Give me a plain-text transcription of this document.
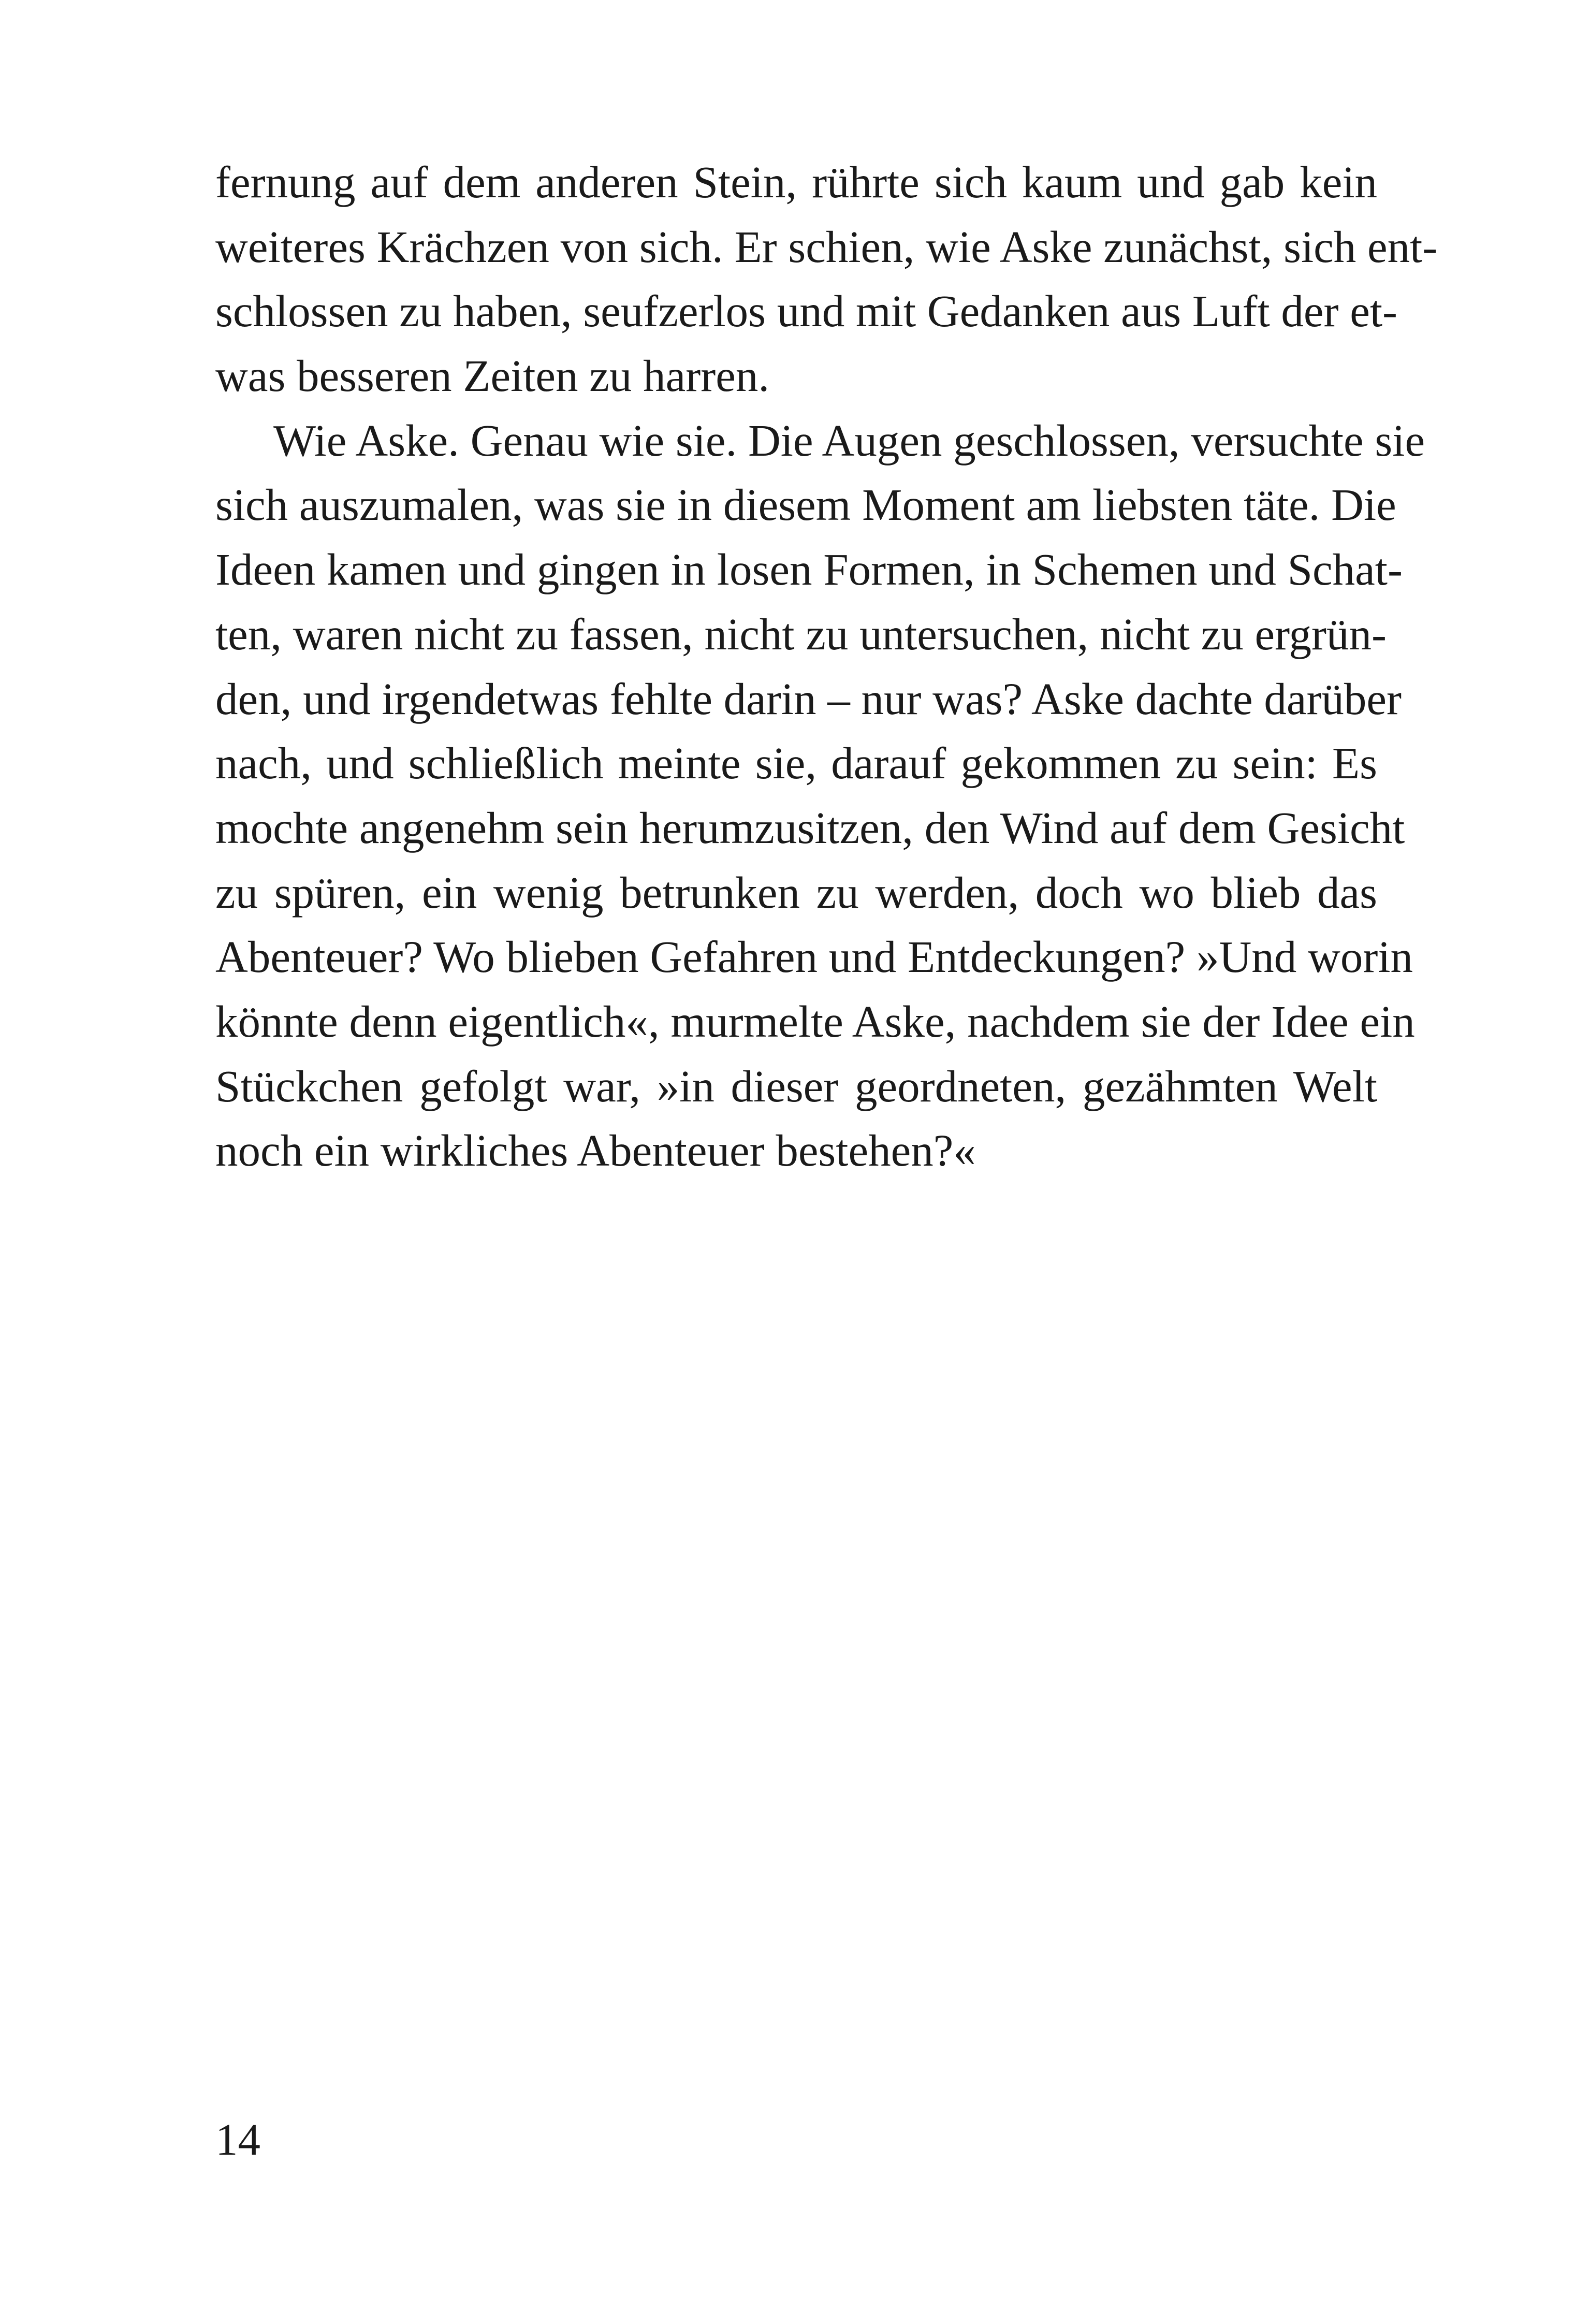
fernung auf dem anderen Stein, rührte sich kaum und gab kein
weiteres Krächzen von sich. Er schien, wie Aske zunächst, sich ent-
schlossen zu haben, seufzerlos und mit Gedanken aus Luft der et-
was besseren Zeiten zu harren.
Wie Aske. Genau wie sie. Die Augen geschlossen, versuchte sie
sich auszumalen, was sie in diesem Moment am liebsten täte. Die
Ideen kamen und gingen in losen Formen, in Schemen und Schat-
ten, waren nicht zu fassen, nicht zu untersuchen, nicht zu ergrün-
den, und irgendetwas fehlte darin – nur was? Aske dachte darüber
nach, und schließlich meinte sie, darauf gekommen zu sein: Es
mochte angenehm sein herumzusitzen, den Wind auf dem Gesicht
zu spüren, ein wenig betrunken zu werden, doch wo blieb das
Abenteuer? Wo blieben Gefahren und Entdeckungen? »Und worin
könnte denn eigentlich«, murmelte Aske, nachdem sie der Idee ein
Stückchen gefolgt war, »in dieser geordneten, gezähmten Welt
noch ein wirkliches Abenteuer bestehen?«
14
